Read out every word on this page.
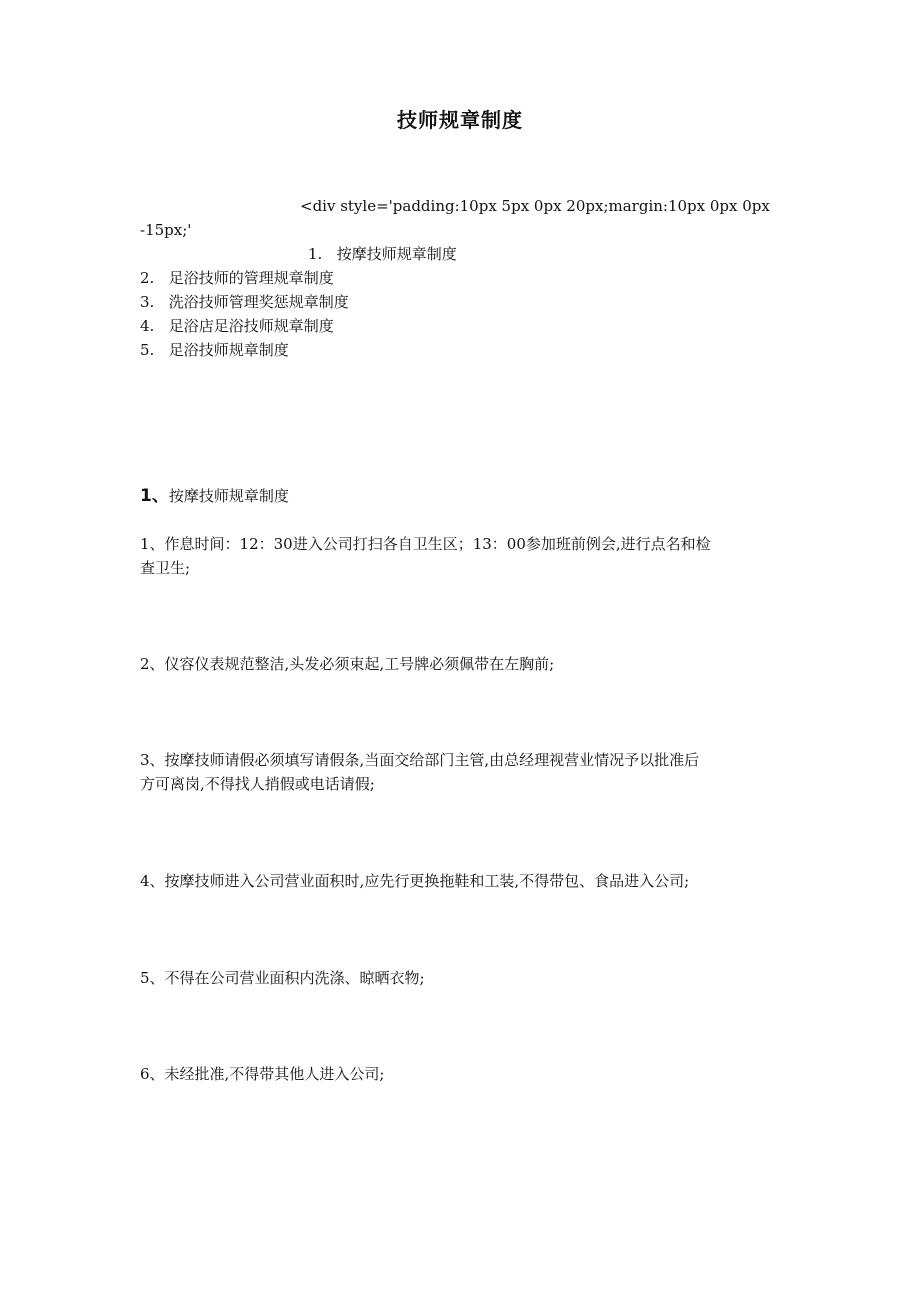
技师规章制度
<div style='padding:10px 5px 0px 20px;margin:10px 0px 0px
-15px;'
1. 按摩技师规章制度
2. 足浴技师的管理规章制度
3. 洗浴技师管理奖惩规章制度
4. 足浴店足浴技师规章制度
5. 足浴技师规章制度
1、按摩技师规章制度
1、作息时间：12：30进入公司打扫各自卫生区；13：00参加班前例会,进行点名和检
查卫生;
2、仪容仪表规范整洁,头发必须束起,工号牌必须佩带在左胸前;
3、按摩技师请假必须填写请假条,当面交给部门主管,由总经理视营业情况予以批准后
方可离岗,不得找人捎假或电话请假;
4、按摩技师进入公司营业面积时,应先行更换拖鞋和工装,不得带包、食品进入公司;
5、不得在公司营业面积内洗涤、晾晒衣物;
6、未经批准,不得带其他人进入公司;
